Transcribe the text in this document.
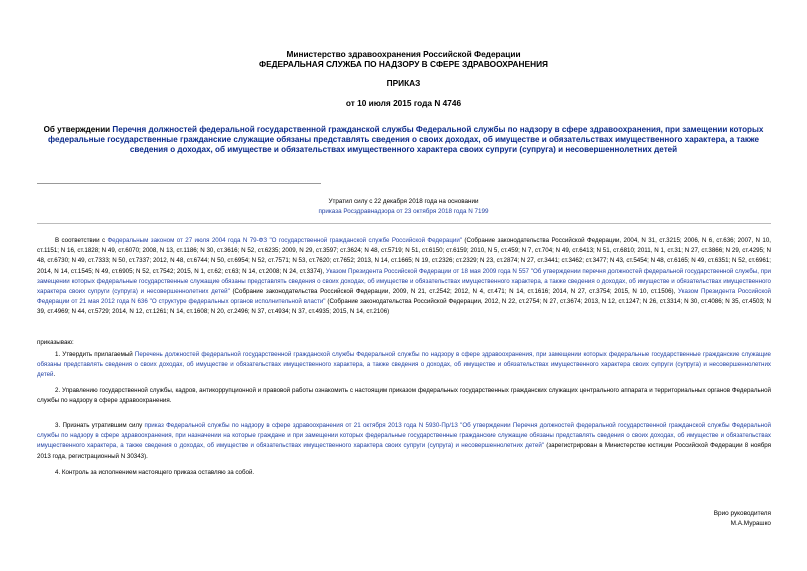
Министерство здравоохранения Российской Федерации
ФЕДЕРАЛЬНАЯ СЛУЖБА ПО НАДЗОРУ В СФЕРЕ ЗДРАВООХРАНЕНИЯ
ПРИКАЗ
от 10 июля 2015 года N 4746
Об утверждении Перечня должностей федеральной государственной гражданской службы Федеральной службы по надзору в сфере здравоохранения, при замещении которых федеральные государственные гражданские служащие обязаны представлять сведения о своих доходах, об имуществе и обязательствах имущественного характера, а также сведения о доходах, об имуществе и обязательствах имущественного характера своих супруги (супруга) и несовершеннолетних детей
Утратил силу с 22 декабря 2018 года на основании
приказа Росздравнадзора от 23 октября 2018 года N 7199
В соответствии с Федеральным законом от 27 июля 2004 года N 79-ФЗ "О государственной гражданской службе Российской Федерации" (Собрание законодательства Российской Федерации, 2004, N 31, ст.3215; 2006, N 6, ст.636; 2007, N 10, ст.1151; N 16, ст.1828; N 49, ст.6070; 2008, N 13, ст.1186; N 30, ст.3616; N 52, ст.6235; 2009, N 29, ст.3597; ст.3624; N 48, ст.5719; N 51, ст.6150; ст.6159; 2010, N 5, ст.459; N 7, ст.704; N 49, ст.6413; N 51, ст.6810; 2011, N 1, ст.31; N 27, ст.3866; N 29, ст.4295; N 48, ст.6730; N 49, ст.7333; N 50, ст.7337; 2012, N 48, ст.6744; N 50, ст.6954; N 52, ст.7571; N 53, ст.7620; ст.7652; 2013, N 14, ст.1665; N 19, ст.2326; ст.2329; N 23, ст.2874; N 27, ст.3441; ст.3462; ст.3477; N 43, ст.5454; N 48, ст.6165; N 49, ст.6351; N 52, ст.6961; 2014, N 14, ст.1545; N 49, ст.6905; N 52, ст.7542; 2015, N 1, ст.62; ст.63; N 14, ст.2008; N 24, ст.3374), Указом Президента Российской Федерации от 18 мая 2009 года N 557 "Об утверждении перечня должностей федеральной государственной службы, при замещении которых федеральные государственные служащие обязаны представлять сведения о своих доходах, об имуществе и обязательствах имущественного характера, а также сведения о доходах, об имуществе и обязательствах имущественного характера своих супруги (супруга) и несовершеннолетних детей" (Собрание законодательства Российской Федерации, 2009, N 21, ст.2542; 2012, N 4, ст.471; N 14, ст.1616; 2014, N 27, ст.3754; 2015, N 10, ст.1506), Указом Президента Российской Федерации от 21 мая 2012 года N 636 "О структуре федеральных органов исполнительной власти" (Собрание законодательства Российской Федерации, 2012, N 22, ст.2754; N 27, ст.3674; 2013, N 12, ст.1247; N 26, ст.3314; N 30, ст.4086; N 35, ст.4503; N 39, ст.4969; N 44, ст.5729; 2014, N 12, ст.1261; N 14, ст.1608; N 20, ст.2496; N 37, ст.4934; N 37, ст.4935; 2015, N 14, ст.2106)
приказываю:
1. Утвердить прилагаемый Перечень должностей федеральной государственной гражданской службы Федеральной службы по надзору в сфере здравоохранения, при замещении которых федеральные государственные гражданские служащие обязаны представлять сведения о своих доходах, об имуществе и обязательствах имущественного характера, а также сведения о доходах, об имуществе и обязательствах имущественного характера своих супруги (супруга) и несовершеннолетних детей.
2. Управлению государственной службы, кадров, антикоррупционной и правовой работы ознакомить с настоящим приказом федеральных государственных гражданских служащих центрального аппарата и территориальных органов Федеральной службы по надзору в сфере здравоохранения.
3. Признать утратившим силу приказ Федеральной службы по надзору в сфере здравоохранения от 21 октября 2013 года N 5930-Пр/13 "Об утверждении Перечня должностей федеральной государственной гражданской службы Федеральной службы по надзору в сфере здравоохранения, при назначении на которые граждане и при замещении которых федеральные государственные гражданские служащие обязаны представлять сведения о своих доходах, об имуществе и обязательствах имущественного характера, а также сведения о доходах, об имуществе и обязательствах имущественного характера своих супруги (супруга) и несовершеннолетних детей" (зарегистрирован в Министерстве юстиции Российской Федерации 8 ноября 2013 года, регистрационный N 30343).
4. Контроль за исполнением настоящего приказа оставляю за собой.
Врио руководителя
М.А.Мурашко
